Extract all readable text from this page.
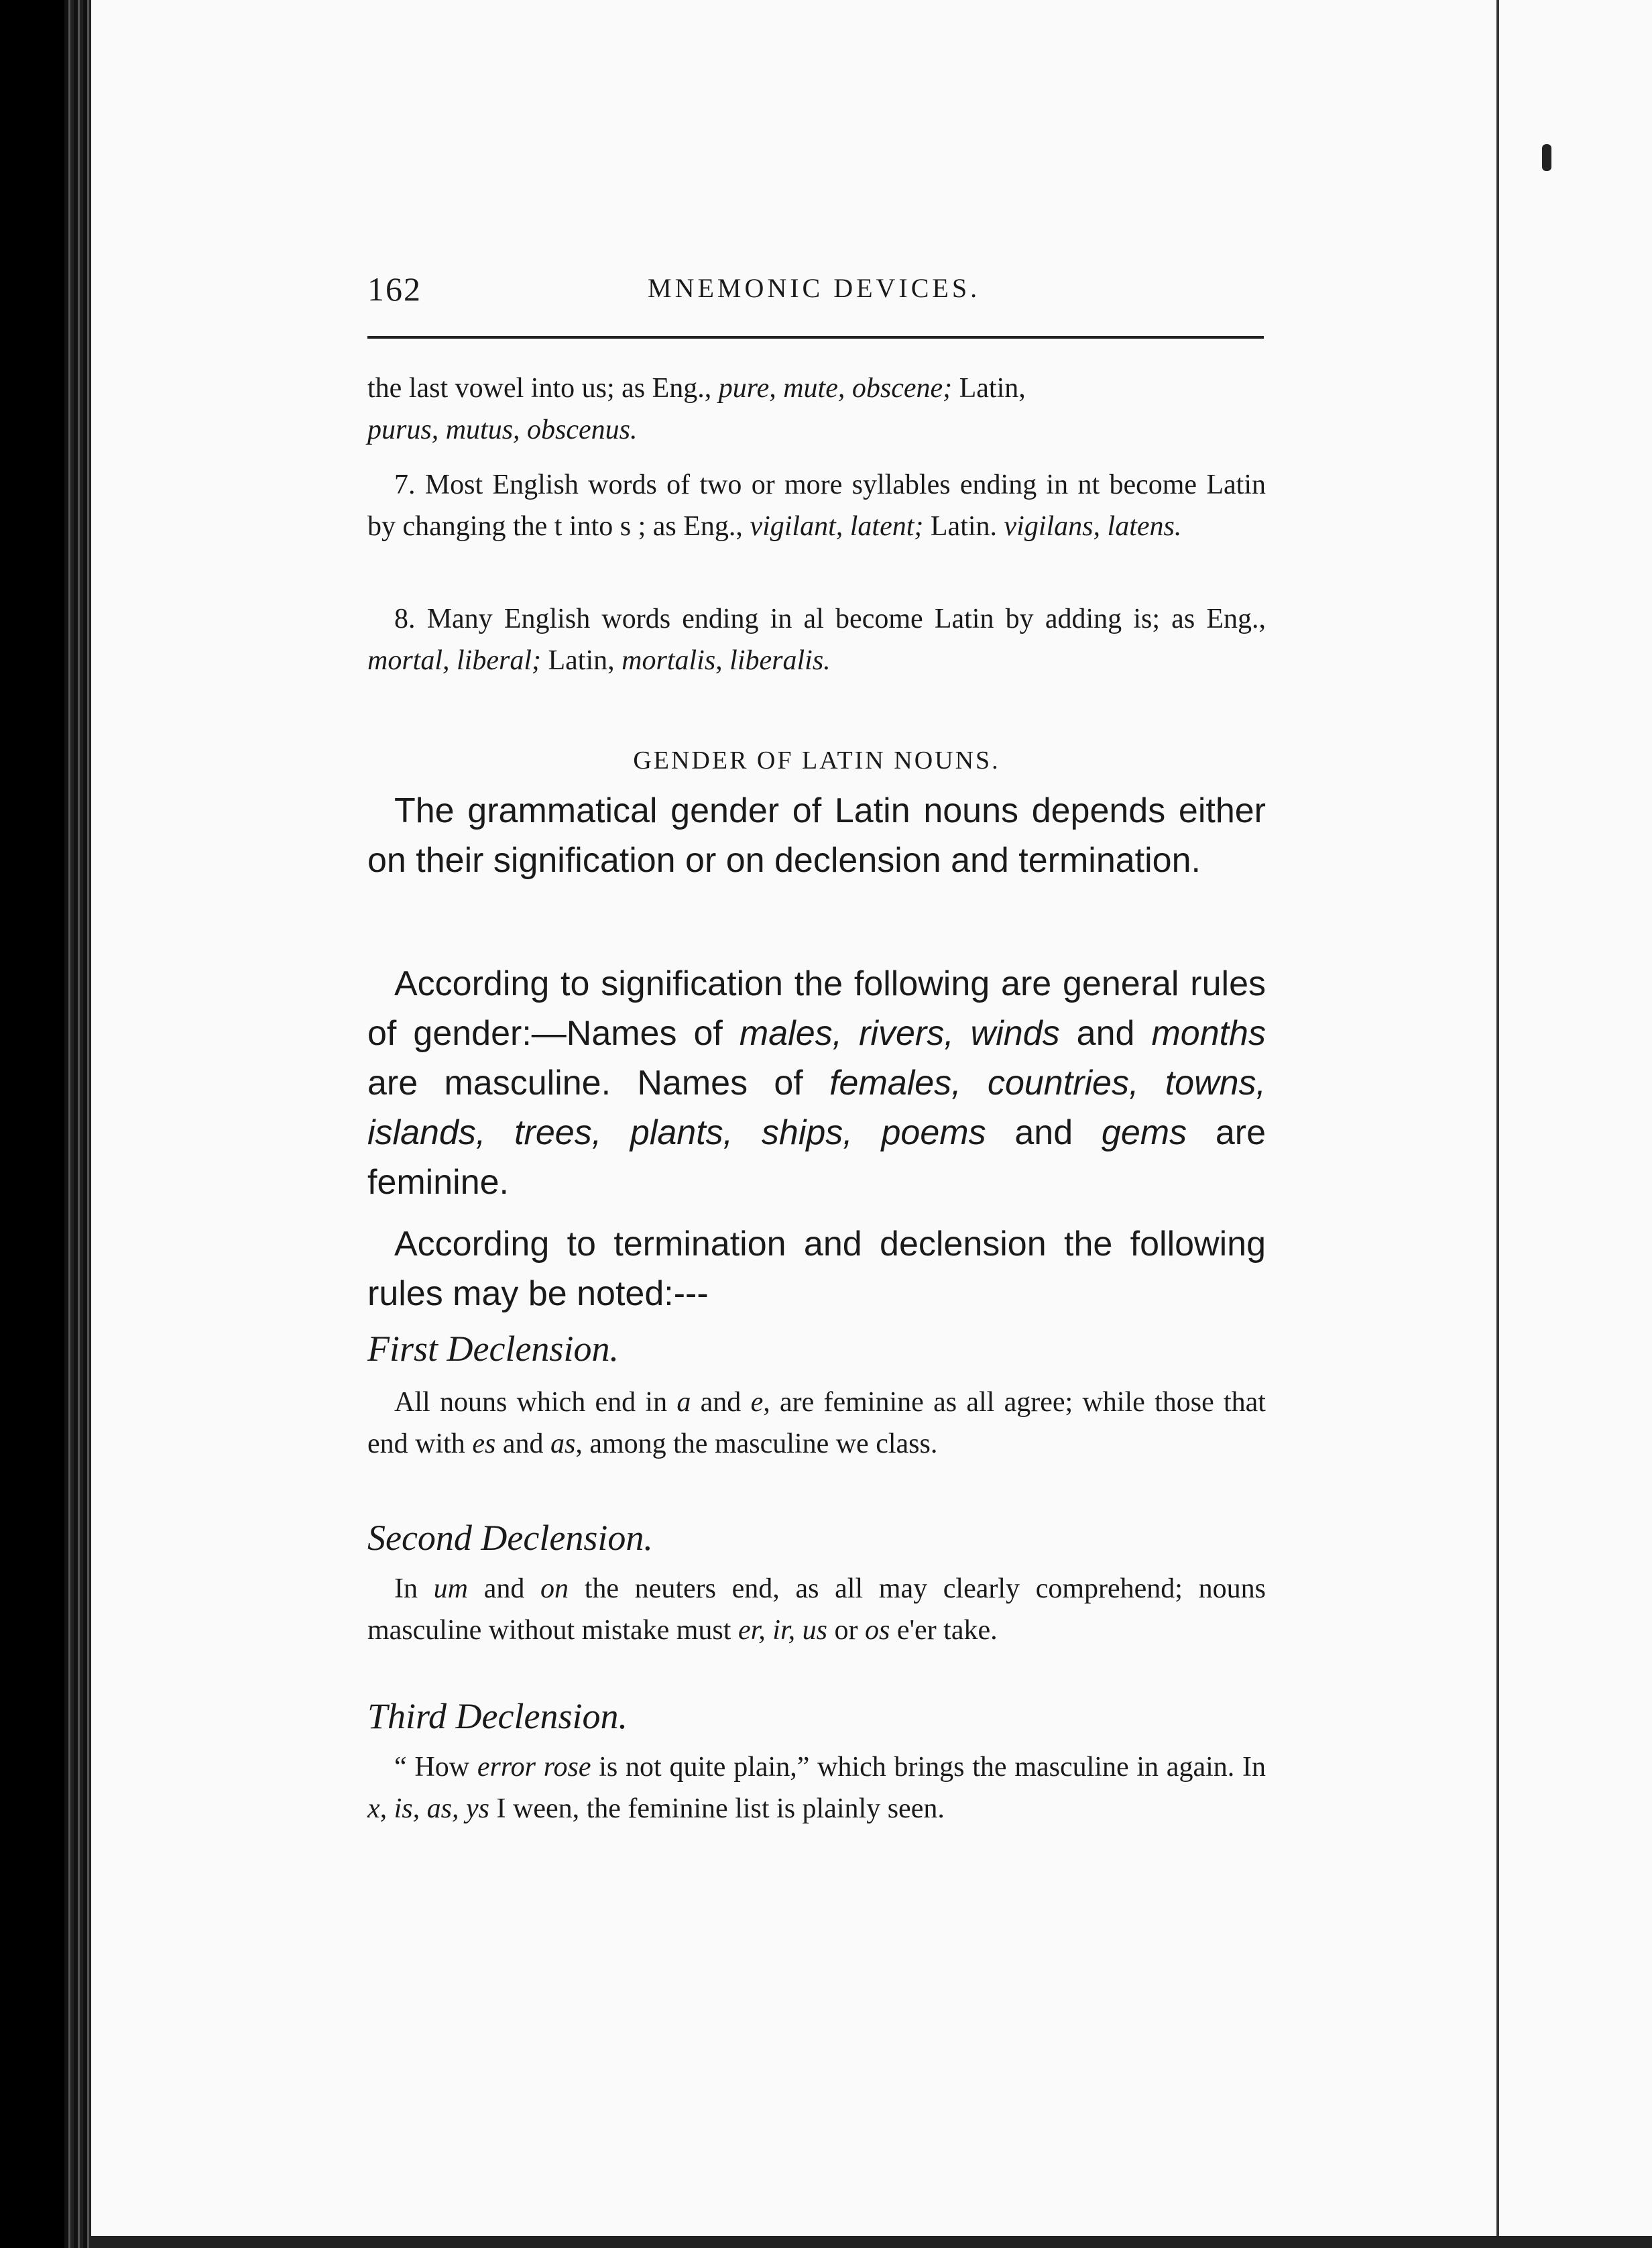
162	MNEMONIC DEVICES.
the last vowel into us; as Eng., pure, mute, obscene; Latin,
purus, mutus, obscenus.
7. Most English words of two or more syllables ending in nt become Latin by changing the t into s ; as Eng., vigilant, latent; Latin. vigilans, latens.
8. Many English words ending in al become Latin by adding is; as Eng., mortal, liberal; Latin, mortalis, liberalis.
GENDER OF LATIN NOUNS.
The grammatical gender of Latin nouns depends either on their signification or on declension and termination.
According to signification the following are general rules of gender:—Names of males, rivers, winds and months are masculine. Names of females, countries, towns, islands, trees, plants, ships, poems and gems are feminine.
According to termination and declension the following rules may be noted:---
First Declension.
All nouns which end in a and e, are feminine as all agree; while those that end with es and as, among the masculine we class.
Second Declension.
In um and on the neuters end, as all may clearly comprehend; nouns masculine without mistake must er, ir, us or os e'er take.
Third Declension.
“ How error rose is not quite plain,” which brings the masculine in again. In x, is, as, ys I ween, the feminine list is plainly seen.
